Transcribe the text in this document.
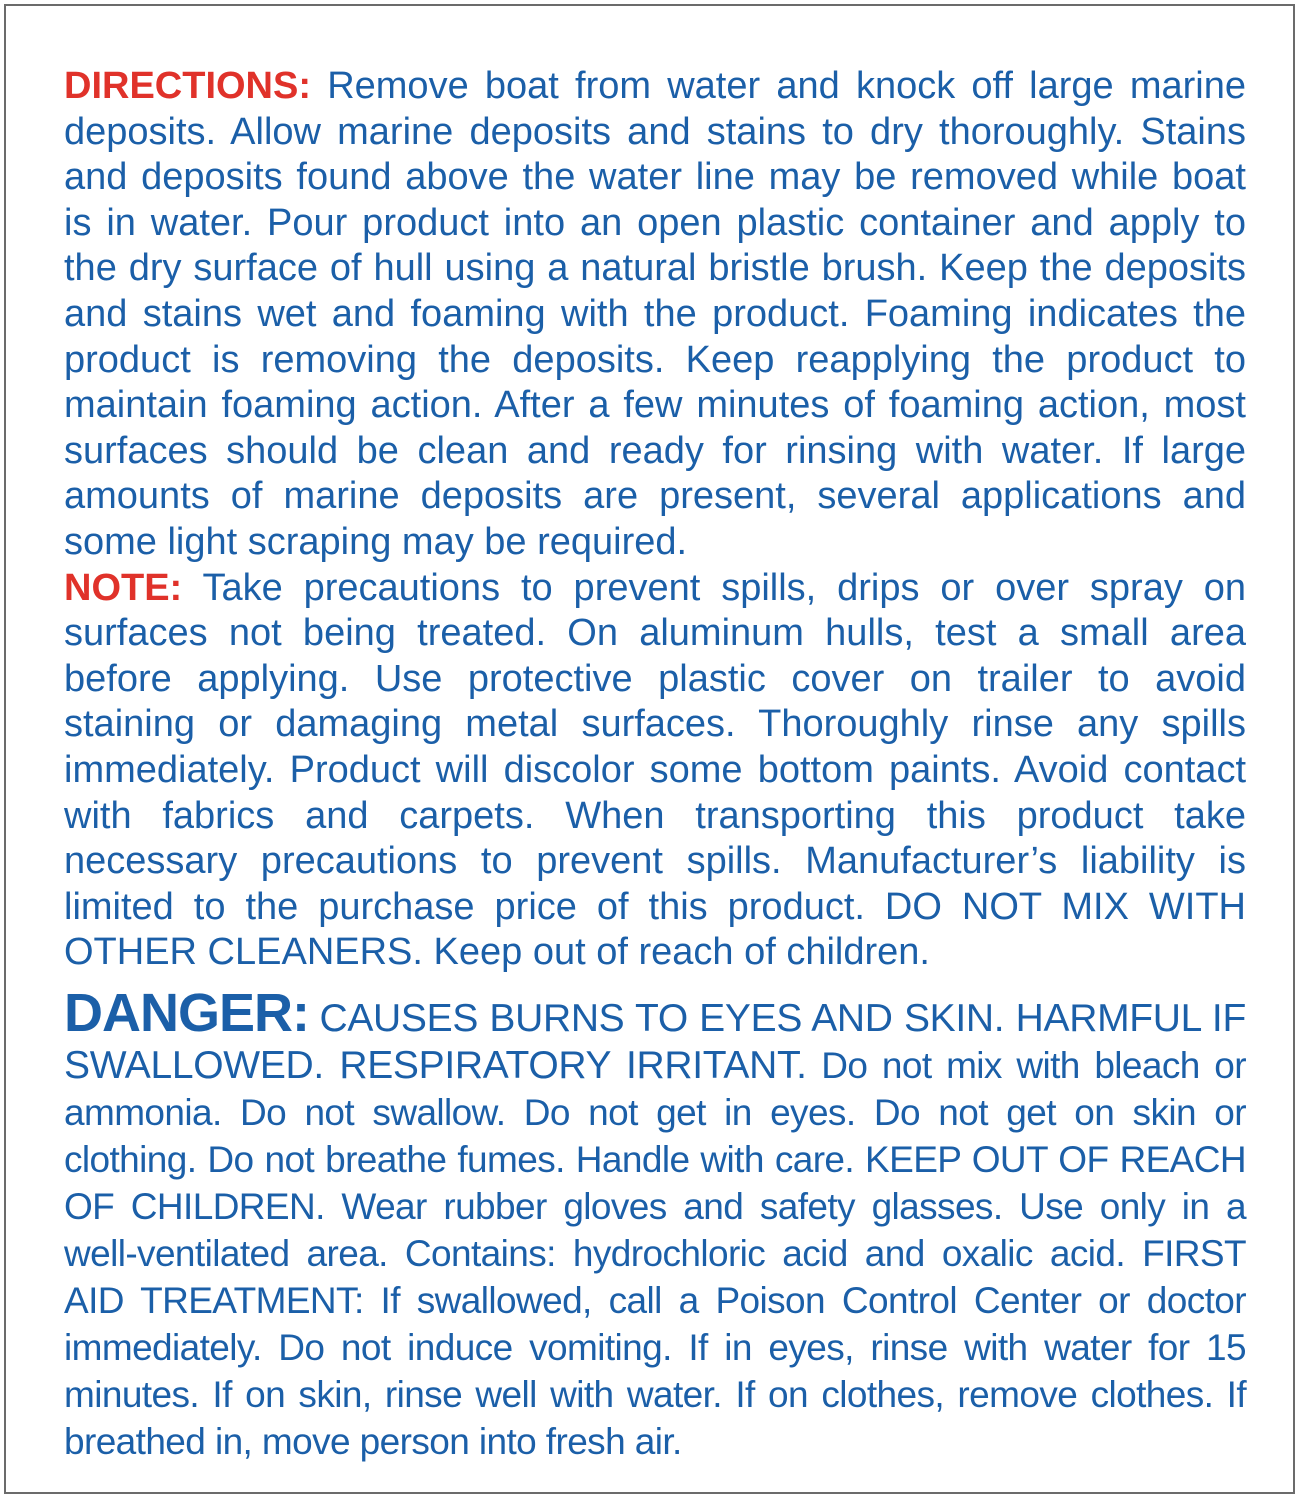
DIRECTIONS: Remove boat from water and knock off large marine deposits. Allow marine deposits and stains to dry thoroughly. Stains and deposits found above the water line may be removed while boat is in water. Pour product into an open plastic container and apply to the dry surface of hull using a natural bristle brush. Keep the deposits and stains wet and foaming with the product. Foaming indicates the product is removing the deposits. Keep reapplying the product to maintain foaming action. After a few minutes of foaming action, most surfaces should be clean and ready for rinsing with water. If large amounts of marine deposits are present, several applications and some light scraping may be required.

NOTE: Take precautions to prevent spills, drips or over spray on surfaces not being treated. On aluminum hulls, test a small area before applying. Use protective plastic cover on trailer to avoid staining or damaging metal surfaces. Thoroughly rinse any spills immediately. Product will discolor some bottom paints. Avoid contact with fabrics and carpets. When transporting this product take necessary precautions to prevent spills. Manufacturer’s liability is limited to the purchase price of this product. DO NOT MIX WITH OTHER CLEANERS. Keep out of reach of children.

DANGER: CAUSES BURNS TO EYES AND SKIN. HARMFUL IF SWALLOWED. RESPIRATORY IRRITANT. Do not mix with bleach or ammonia. Do not swallow. Do not get in eyes. Do not get on skin or clothing. Do not breathe fumes. Handle with care. KEEP OUT OF REACH OF CHILDREN. Wear rubber gloves and safety glasses. Use only in a well-ventilated area. Contains: hydrochloric acid and oxalic acid. FIRST AID TREATMENT: If swallowed, call a Poison Control Center or doctor immediately. Do not induce vomiting. If in eyes, rinse with water for 15 minutes. If on skin, rinse well with water. If on clothes, remove clothes. If breathed in, move person into fresh air.
